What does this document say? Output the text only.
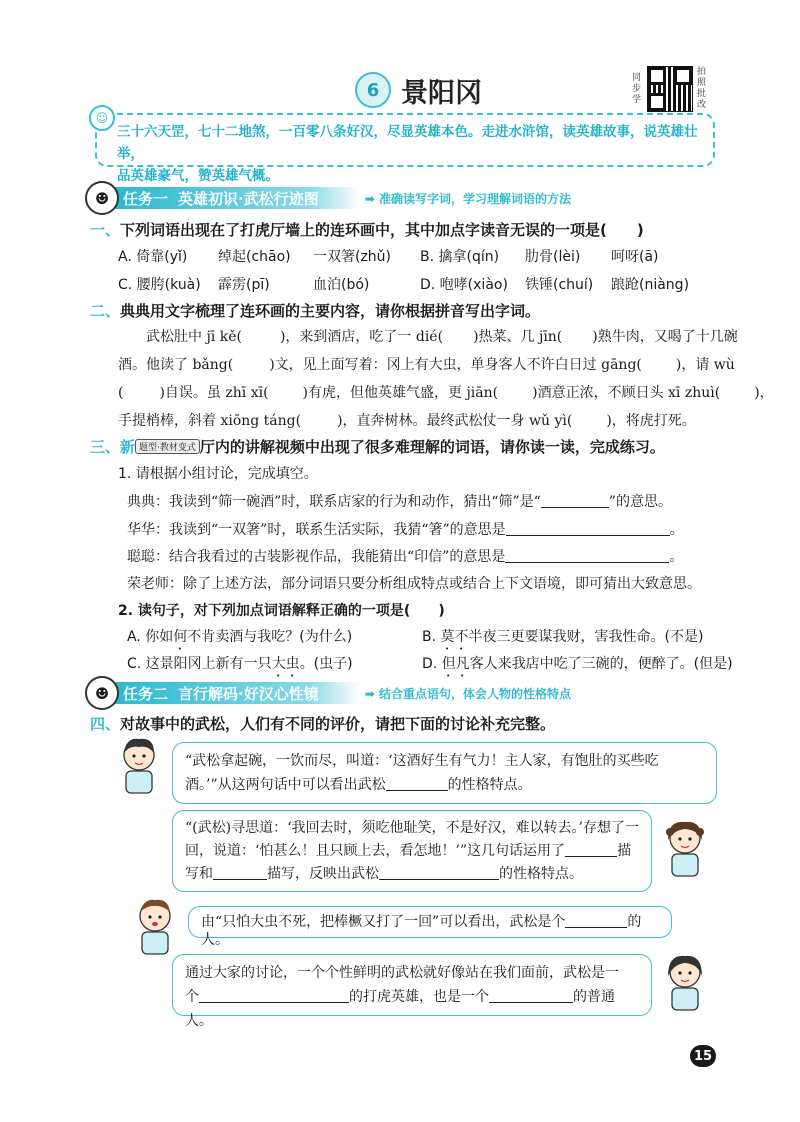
6 景阳冈	同步学
拍照批改
☺
三十六天罡，七十二地煞，一百零八条好汉，尽显英雄本色。走进水浒馆，读英雄故事，说英雄壮举，
品英雄豪气，赞英雄气概。
☻ 任务一 英雄初识·武松行迹图	➡ 准确读写字词，学习理解词语的方法
一、下列词语出现在了打虎厅墙上的连环画中，其中加点字读音无误的一项是(　　)
A. 倚靠(yǐ) 绰起(chāo) 一双箸(zhǔ) B. 擒拿(qín) 肋骨(lèi) 呵呀(ā)
C. 腰胯(kuà) 霹雳(pī)	血泊(bó)	D. 咆哮(xiào) 铁锤(chuí) 踉跄(niàng)
二、典典用文字梳理了连环画的主要内容，请你根据拼音写出字词。
武松肚中 jī kě(	)，来到酒店，吃了一 dié( )热菜、几 jīn( )熟牛肉，又喝了十几碗
酒。他读了 bǎng(	)文，见上面写着：冈上有大虫，单身客人不许白日过 gāng( )，请 wù
(	)自误。虽 zhī xī( )有虎，但他英雄气盛，更 jiān( )酒意正浓，不顾日头 xī zhuì( )，
手提梢棒，斜着 xiōng táng(	)，直奔树林。最终武松仗一身 wǔ yì( )，将虎打死。
三、新 题型·教材变式 厅内的讲解视频中出现了很多难理解的词语，请你读一读，完成练习。
1. 请根据小组讨论，完成填空。
典典：我读到“筛一碗酒”时，联系店家的行为和动作，猜出“筛”是“	”的意思。
华华：我读到“一双箸”时，联系生活实际，我猜“箸”的意思是	。
聪聪：结合我看过的古装影视作品，我能猜出“印信”的意思是	。
荣老师：除了上述方法，部分词语只要分析组成特点或结合上下文语境，即可猜出大致意思。
2. 读句子，对下列加点词语解释正确的一项是(　　)
A. 你如何不肯卖酒与我吃？(为什么)	B. 莫不半夜三更要谋我财，害我性命。(不是)
C. 这景阳冈上新有一只大虫。(虫子)	D. 但凡客人来我店中吃了三碗的，便醉了。(但是)
☻ 任务二 言行解码·好汉心性镜	➡ 结合重点语句，体会人物的性格特点
四、对故事中的武松，人们有不同的评价，请把下面的讨论补充完整。
“武松拿起碗，一饮而尽，叫道：‘这酒好生有气力！主人家，有饱肚的买些吃
酒。’”从这两句话中可以看出武松	的性格特点。
“(武松)寻思道：‘我回去时，须吃他耻笑，不是好汉，难以转去。’存想了一
回，说道：‘怕甚么！且只顾上去，看怎地！’”这几句话运用了	描
写和	描写，反映出武松	的性格特点。
由“只怕大虫不死，把棒橛又打了一回”可以看出，武松是个	的人。
通过大家的讨论，一个个性鲜明的武松就好像站在我们面前，武松是一
个	的打虎英雄，也是一个	的普通人。
15
